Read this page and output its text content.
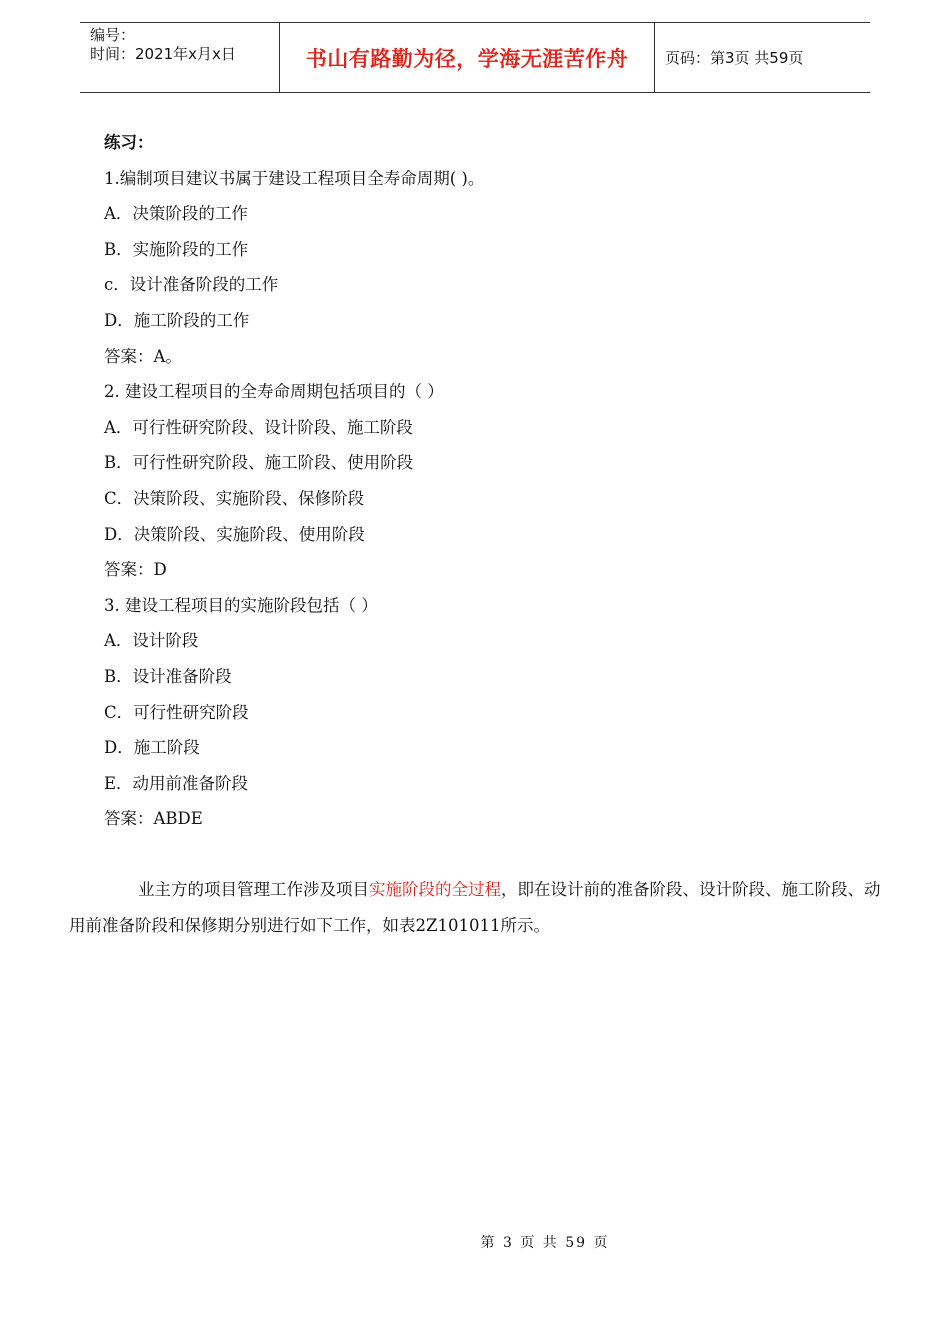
编号：
时间：2021年x月x日	书山有路勤为径，学海无涯苦作舟	页码：第3页 共59页
练习：
1.编制项目建议书属于建设工程项目全寿命周期( )。
A．决策阶段的工作
B．实施阶段的工作
c．设计准备阶段的工作
D．施工阶段的工作
答案：A。
2. 建设工程项目的全寿命周期包括项目的（ ）
A．可行性研究阶段、设计阶段、施工阶段
B．可行性研究阶段、施工阶段、使用阶段
C．决策阶段、实施阶段、保修阶段
D．决策阶段、实施阶段、使用阶段
答案：D
3. 建设工程项目的实施阶段包括（ ）
A．设计阶段
B．设计准备阶段
C．可行性研究阶段
D．施工阶段
E．动用前准备阶段
答案：ABDE
业主方的项目管理工作涉及项目实施阶段的全过程，即在设计前的准备阶段、设计阶段、施工阶段、动用前准备阶段和保修期分别进行如下工作，如表2Z101011所示。
第 3 页 共 59 页
